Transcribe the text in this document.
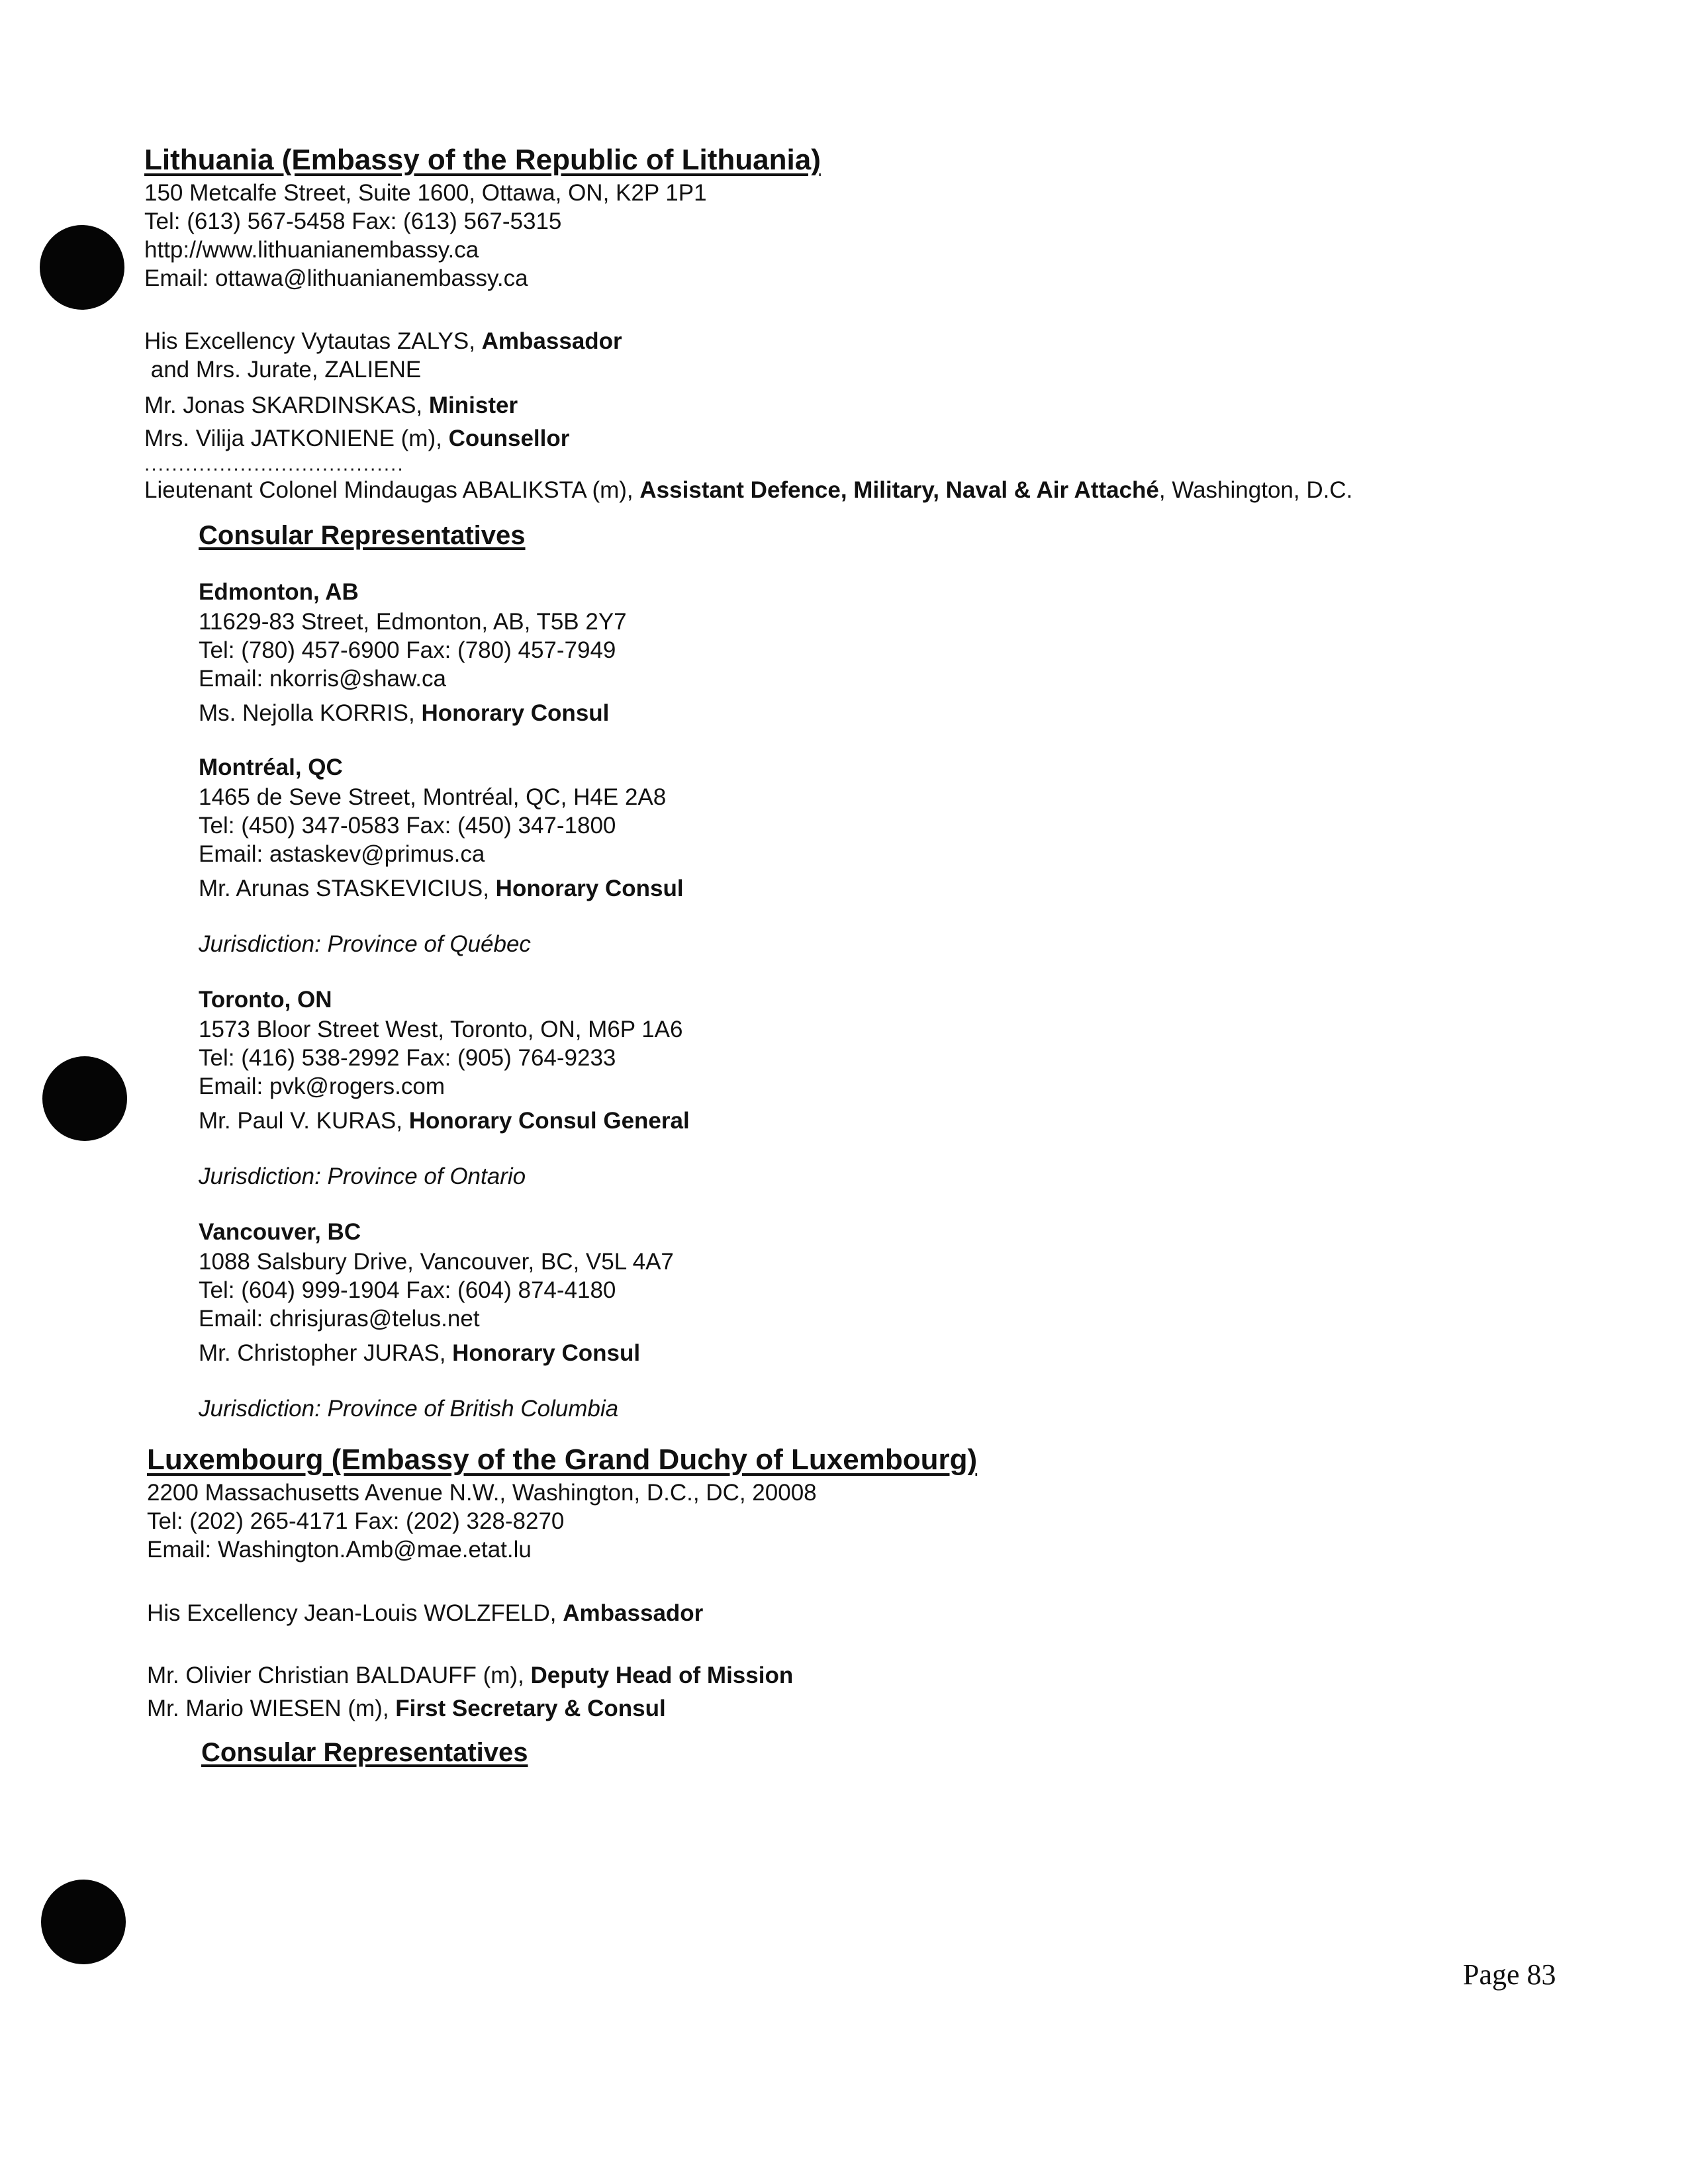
Lithuania (Embassy of the Republic of Lithuania)

150 Metcalfe Street, Suite 1600, Ottawa, ON, K2P 1P1

Tel: (613) 567-5458 Fax: (613) 567-5315

http://www.lithuanianembassy.ca

Email: ottawa@lithuanianembassy.ca

His Excellency Vytautas ZALYS, Ambassador

and Mrs. Jurate, ZALIENE

Mr. Jonas SKARDINSKAS, Minister

Mrs. Vilija JATKONIENE (m), Counsellor

......................................

Lieutenant Colonel Mindaugas ABALIKSTA (m), Assistant Defence, Military, Naval & Air Attaché, Washington, D.C.

Consular Representatives

Edmonton, AB

11629-83 Street, Edmonton, AB, T5B 2Y7

Tel: (780) 457-6900 Fax: (780) 457-7949

Email: nkorris@shaw.ca

Ms. Nejolla KORRIS, Honorary Consul

Montréal, QC

1465 de Seve Street, Montréal, QC, H4E 2A8

Tel: (450) 347-0583 Fax: (450) 347-1800

Email: astaskev@primus.ca

Mr. Arunas STASKEVICIUS, Honorary Consul

Jurisdiction: Province of Québec

Toronto, ON

1573 Bloor Street West, Toronto, ON, M6P 1A6

Tel: (416) 538-2992 Fax: (905) 764-9233

Email: pvk@rogers.com

Mr. Paul V. KURAS, Honorary Consul General

Jurisdiction: Province of Ontario

Vancouver, BC

1088 Salsbury Drive, Vancouver, BC, V5L 4A7

Tel: (604) 999-1904 Fax: (604) 874-4180

Email: chrisjuras@telus.net

Mr. Christopher JURAS, Honorary Consul

Jurisdiction: Province of British Columbia

Luxembourg (Embassy of the Grand Duchy of Luxembourg)

2200 Massachusetts Avenue N.W., Washington, D.C., DC, 20008

Tel: (202) 265-4171 Fax: (202) 328-8270

Email: Washington.Amb@mae.etat.lu

His Excellency Jean-Louis WOLZFELD, Ambassador

Mr. Olivier Christian BALDAUFF (m), Deputy Head of Mission

Mr. Mario WIESEN (m), First Secretary & Consul

Consular Representatives
Page 83
